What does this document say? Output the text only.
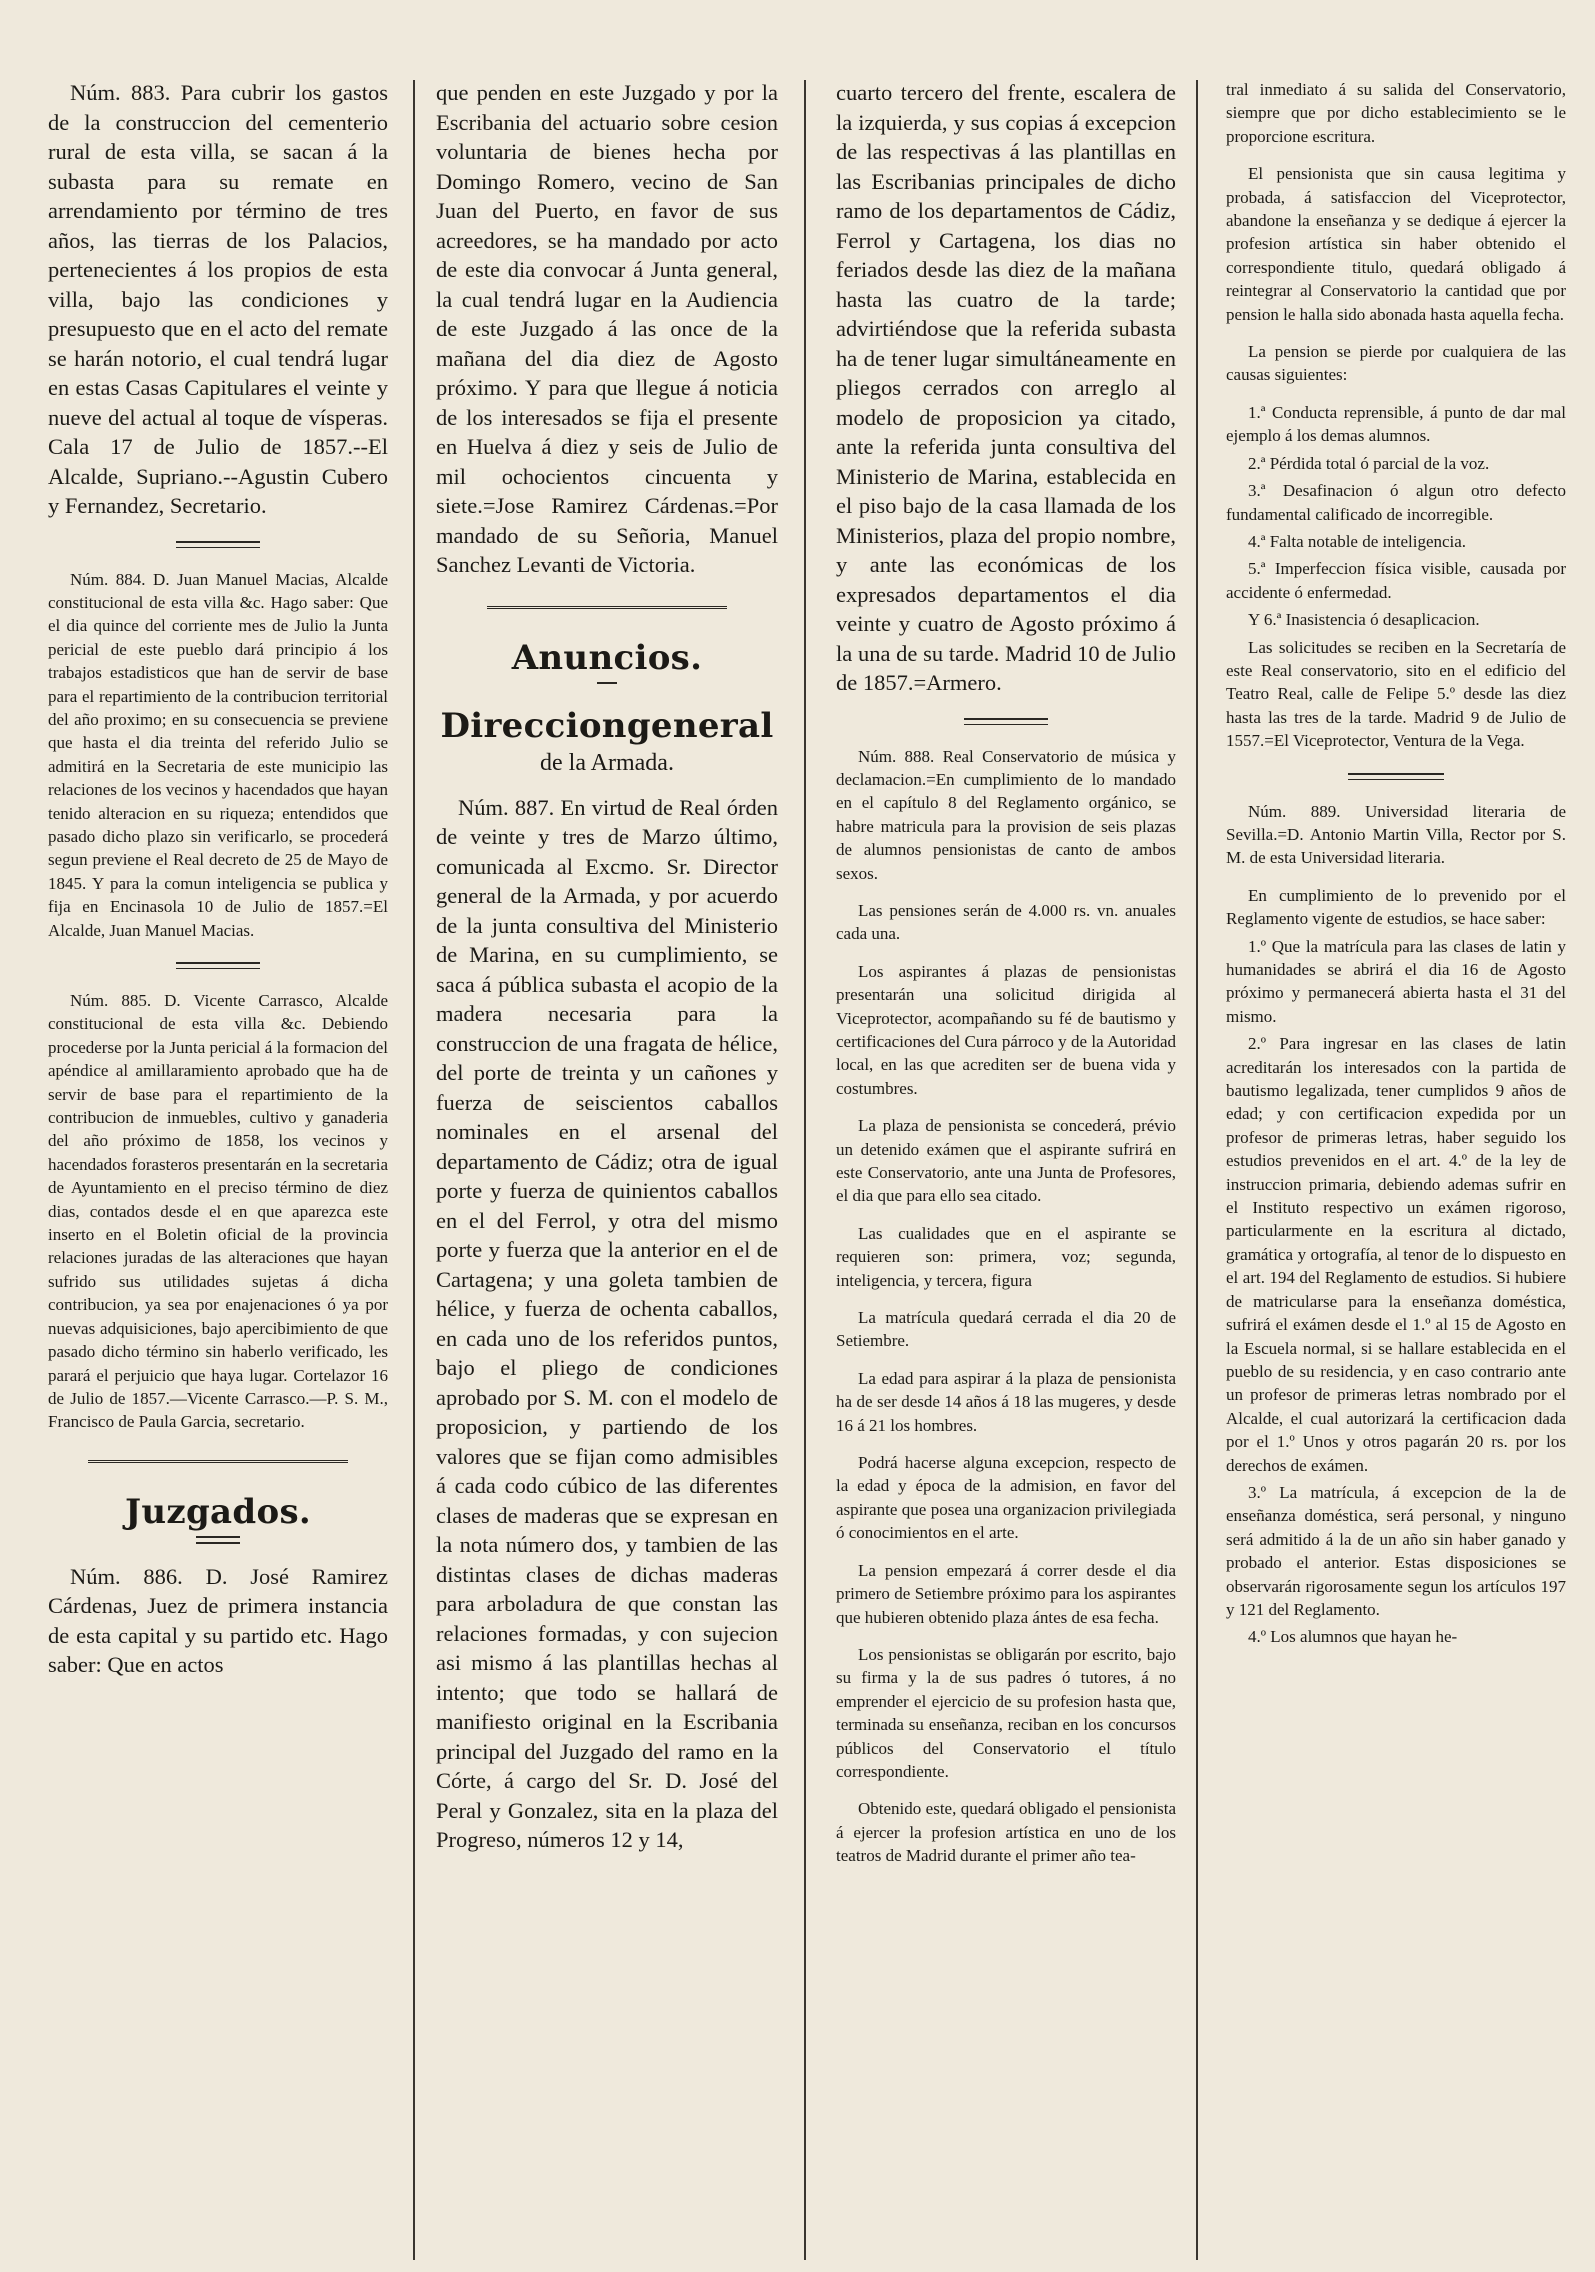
Núm. 883. Para cubrir los gastos de la construccion del cementerio rural de esta villa, se sacan á la subasta para su remate en arrendamiento por término de tres años, las tierras de los Palacios, pertenecientes á los propios de esta villa, bajo las condiciones y presupuesto que en el acto del remate se harán notorio, el cual tendrá lugar en estas Casas Capitulares el veinte y nueve del actual al toque de vísperas. Cala 17 de Julio de 1857.--El Alcalde, Supriano.--Agustin Cubero y Fernandez, Secretario.

Núm. 884. D. Juan Manuel Macias, Alcalde constitucional de esta villa &c. Hago saber: Que el dia quince del corriente mes de Julio la Junta pericial de este pueblo dará principio á los trabajos estadisticos que han de servir de base para el repartimiento de la contribucion territorial del año proximo; en su consecuencia se previene que hasta el dia treinta del referido Julio se admitirá en la Secretaria de este municipio las relaciones de los vecinos y hacendados que hayan tenido alteracion en su riqueza; entendidos que pasado dicho plazo sin verificarlo, se procederá segun previene el Real decreto de 25 de Mayo de 1845. Y para la comun inteligencia se publica y fija en Encinasola 10 de Julio de 1857.=El Alcalde, Juan Manuel Macias.

Núm. 885. D. Vicente Carrasco, Alcalde constitucional de esta villa &c. Debiendo procederse por la Junta pericial á la formacion del apéndice al amillaramiento aprobado que ha de servir de base para el repartimiento de la contribucion de inmuebles, cultivo y ganaderia del año próximo de 1858, los vecinos y hacendados forasteros presentarán en la secretaria de Ayuntamiento en el preciso término de diez dias, contados desde el en que aparezca este inserto en el Boletin oficial de la provincia relaciones juradas de las alteraciones que hayan sufrido sus utilidades sujetas á dicha contribucion, ya sea por enajenaciones ó ya por nuevas adquisiciones, bajo apercibimiento de que pasado dicho término sin haberlo verificado, les parará el perjuicio que haya lugar. Cortelazor 16 de Julio de 1857.—Vicente Carrasco.—P. S. M., Francisco de Paula Garcia, secretario.

Juzgados.

Núm. 886. D. José Ramirez Cárdenas, Juez de primera instancia de esta capital y su partido etc. Hago saber: Que en actos

que penden en este Juzgado y por la Escribania del actuario sobre cesion voluntaria de bienes hecha por Domingo Romero, vecino de San Juan del Puerto, en favor de sus acreedores, se ha mandado por acto de este dia convocar á Junta general, la cual tendrá lugar en la Audiencia de este Juzgado á las once de la mañana del dia diez de Agosto próximo. Y para que llegue á noticia de los interesados se fija el presente en Huelva á diez y seis de Julio de mil ochocientos cincuenta y siete.=Jose Ramirez Cárdenas.=Por mandado de su Señoria, Manuel Sanchez Levanti de Victoria.

Anuncios.
Direcciongeneral
de la Armada.

Núm. 887. En virtud de Real órden de veinte y tres de Marzo último, comunicada al Excmo. Sr. Director general de la Armada, y por acuerdo de la junta consultiva del Ministerio de Marina, en su cumplimiento, se saca á pública subasta el acopio de la madera necesaria para la construccion de una fragata de hélice, del porte de treinta y un cañones y fuerza de seiscientos caballos nominales en el arsenal del departamento de Cádiz; otra de igual porte y fuerza de quinientos caballos en el del Ferrol, y otra del mismo porte y fuerza que la anterior en el de Cartagena; y una goleta tambien de hélice, y fuerza de ochenta caballos, en cada uno de los referidos puntos, bajo el pliego de condiciones aprobado por S. M. con el modelo de proposicion, y partiendo de los valores que se fijan como admisibles á cada codo cúbico de las diferentes clases de maderas que se expresan en la nota número dos, y tambien de las distintas clases de dichas maderas para arboladura de que constan las relaciones formadas, y con sujecion asi mismo á las plantillas hechas al intento; que todo se hallará de manifiesto original en la Escribania principal del Juzgado del ramo en la Córte, á cargo del Sr. D. José del Peral y Gonzalez, sita en la plaza del Progreso, números 12 y 14,

cuarto tercero del frente, escalera de la izquierda, y sus copias á excepcion de las respectivas á las plantillas en las Escribanias principales de dicho ramo de los departamentos de Cádiz, Ferrol y Cartagena, los dias no feriados desde las diez de la mañana hasta las cuatro de la tarde; advirtiéndose que la referida subasta ha de tener lugar simultáneamente en pliegos cerrados con arreglo al modelo de proposicion ya citado, ante la referida junta consultiva del Ministerio de Marina, establecida en el piso bajo de la casa llamada de los Ministerios, plaza del propio nombre, y ante las económicas de los expresados departamentos el dia veinte y cuatro de Agosto próximo á la una de su tarde. Madrid 10 de Julio de 1857.=Armero.

Núm. 888. Real Conservatorio de música y declamacion.=En cumplimiento de lo mandado en el capítulo 8 del Reglamento orgánico, se habre matricula para la provision de seis plazas de alumnos pensionistas de canto de ambos sexos.

Las pensiones serán de 4.000 rs. vn. anuales cada una.

Los aspirantes á plazas de pensionistas presentarán una solicitud dirigida al Viceprotector, acompañando su fé de bautismo y certificaciones del Cura párroco y de la Autoridad local, en las que acrediten ser de buena vida y costumbres.

La plaza de pensionista se concederá, prévio un detenido exámen que el aspirante sufrirá en este Conservatorio, ante una Junta de Profesores, el dia que para ello sea citado.

Las cualidades que en el aspirante se requieren son: primera, voz; segunda, inteligencia, y tercera, figura

La matrícula quedará cerrada el dia 20 de Setiembre.

La edad para aspirar á la plaza de pensionista ha de ser desde 14 años á 18 las mugeres, y desde 16 á 21 los hombres.

Podrá hacerse alguna excepcion, respecto de la edad y época de la admision, en favor del aspirante que posea una organizacion privilegiada ó conocimientos en el arte.

La pension empezará á correr desde el dia primero de Setiembre próximo para los aspirantes que hubieren obtenido plaza ántes de esa fecha.

Los pensionistas se obligarán por escrito, bajo su firma y la de sus padres ó tutores, á no emprender el ejercicio de su profesion hasta que, terminada su enseñanza, reciban en los concursos públicos del Conservatorio el título correspondiente.

Obtenido este, quedará obligado el pensionista á ejercer la profesion artística en uno de los teatros de Madrid durante el primer año tea-

tral inmediato á su salida del Conservatorio, siempre que por dicho establecimiento se le proporcione escritura.

El pensionista que sin causa legitima y probada, á satisfaccion del Viceprotector, abandone la enseñanza y se dedique á ejercer la profesion artística sin haber obtenido el correspondiente titulo, quedará obligado á reintegrar al Conservatorio la cantidad que por pension le halla sido abonada hasta aquella fecha.

La pension se pierde por cualquiera de las causas siguientes:

1.ª Conducta reprensible, á punto de dar mal ejemplo á los demas alumnos.

2.ª Pérdida total ó parcial de la voz.

3.ª Desafinacion ó algun otro defecto fundamental calificado de incorregible.

4.ª Falta notable de inteligencia.

5.ª Imperfeccion física visible, causada por accidente ó enfermedad.

Y 6.ª Inasistencia ó desaplicacion.

Las solicitudes se reciben en la Secretaría de este Real conservatorio, sito en el edificio del Teatro Real, calle de Felipe 5.º desde las diez hasta las tres de la tarde. Madrid 9 de Julio de 1557.=El Viceprotector, Ventura de la Vega.

Núm. 889. Universidad literaria de Sevilla.=D. Antonio Martin Villa, Rector por S. M. de esta Universidad literaria.

En cumplimiento de lo prevenido por el Reglamento vigente de estudios, se hace saber:

1.º Que la matrícula para las clases de latin y humanidades se abrirá el dia 16 de Agosto próximo y permanecerá abierta hasta el 31 del mismo.

2.º Para ingresar en las clases de latin acreditarán los interesados con la partida de bautismo legalizada, tener cumplidos 9 años de edad; y con certificacion expedida por un profesor de primeras letras, haber seguido los estudios prevenidos en el art. 4.º de la ley de instruccion primaria, debiendo ademas sufrir en el Instituto respectivo un exámen rigoroso, particularmente en la escritura al dictado, gramática y ortografía, al tenor de lo dispuesto en el art. 194 del Reglamento de estudios. Si hubiere de matricularse para la enseñanza doméstica, sufrirá el exámen desde el 1.º al 15 de Agosto en la Escuela normal, si se hallare establecida en el pueblo de su residencia, y en caso contrario ante un profesor de primeras letras nombrado por el Alcalde, el cual autorizará la certificacion dada por el 1.º Unos y otros pagarán 20 rs. por los derechos de exámen.

3.º La matrícula, á excepcion de la de enseñanza doméstica, será personal, y ninguno será admitido á la de un año sin haber ganado y probado el anterior. Estas disposiciones se observarán rigorosamente segun los artículos 197 y 121 del Reglamento.

4.º Los alumnos que hayan he-
